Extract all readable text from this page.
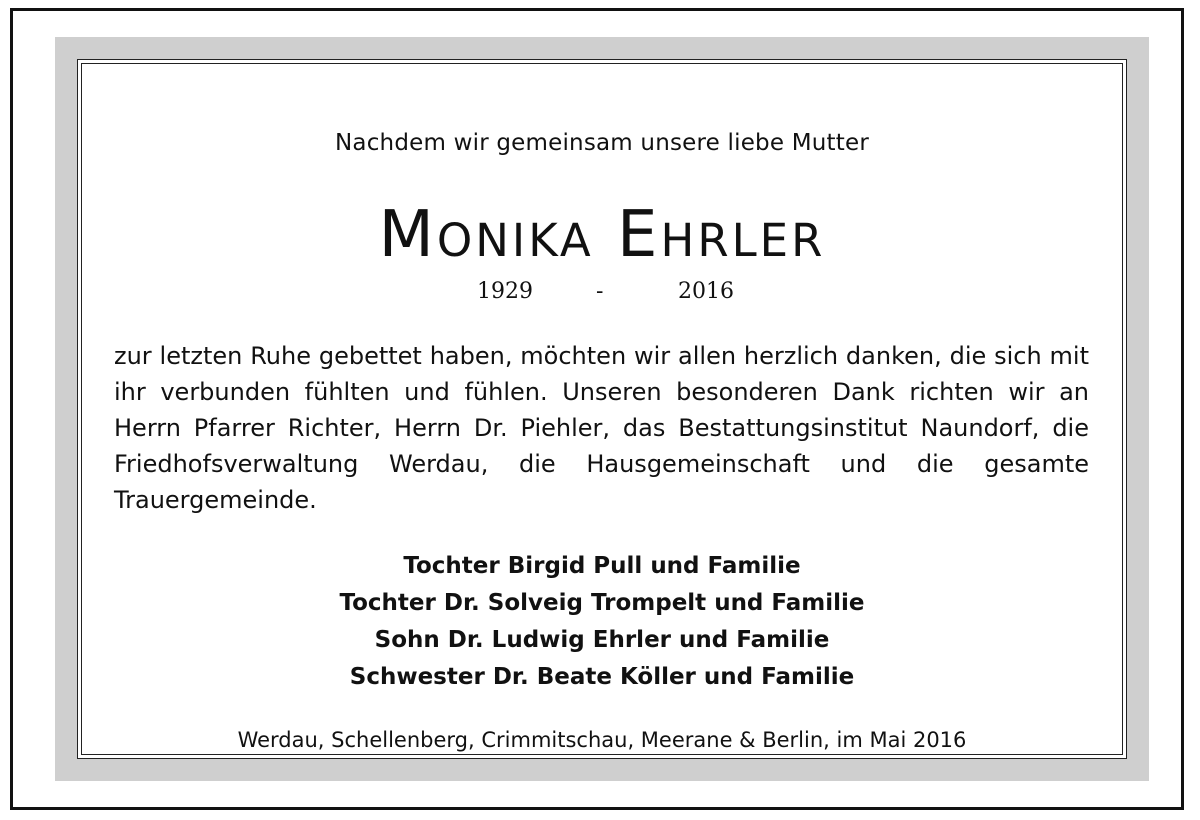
Nachdem wir gemeinsam unsere liebe Mutter
Monika Ehrler
1929	-	2016
zur letzten Ruhe gebettet haben, möchten wir allen herzlich danken, die sich mit ihr verbunden fühlten und fühlen. Unseren besonderen Dank richten wir an Herrn Pfarrer Richter, Herrn Dr. Piehler, das Bestattungsinstitut Naundorf, die Friedhofsverwaltung Werdau, die Hausgemeinschaft und die gesamte Trauergemeinde.
Tochter Birgid Pull und Familie
Tochter Dr. Solveig Trompelt und Familie
Sohn Dr. Ludwig Ehrler und Familie
Schwester Dr. Beate Köller und Familie
Werdau, Schellenberg, Crimmitschau, Meerane & Berlin, im Mai 2016
